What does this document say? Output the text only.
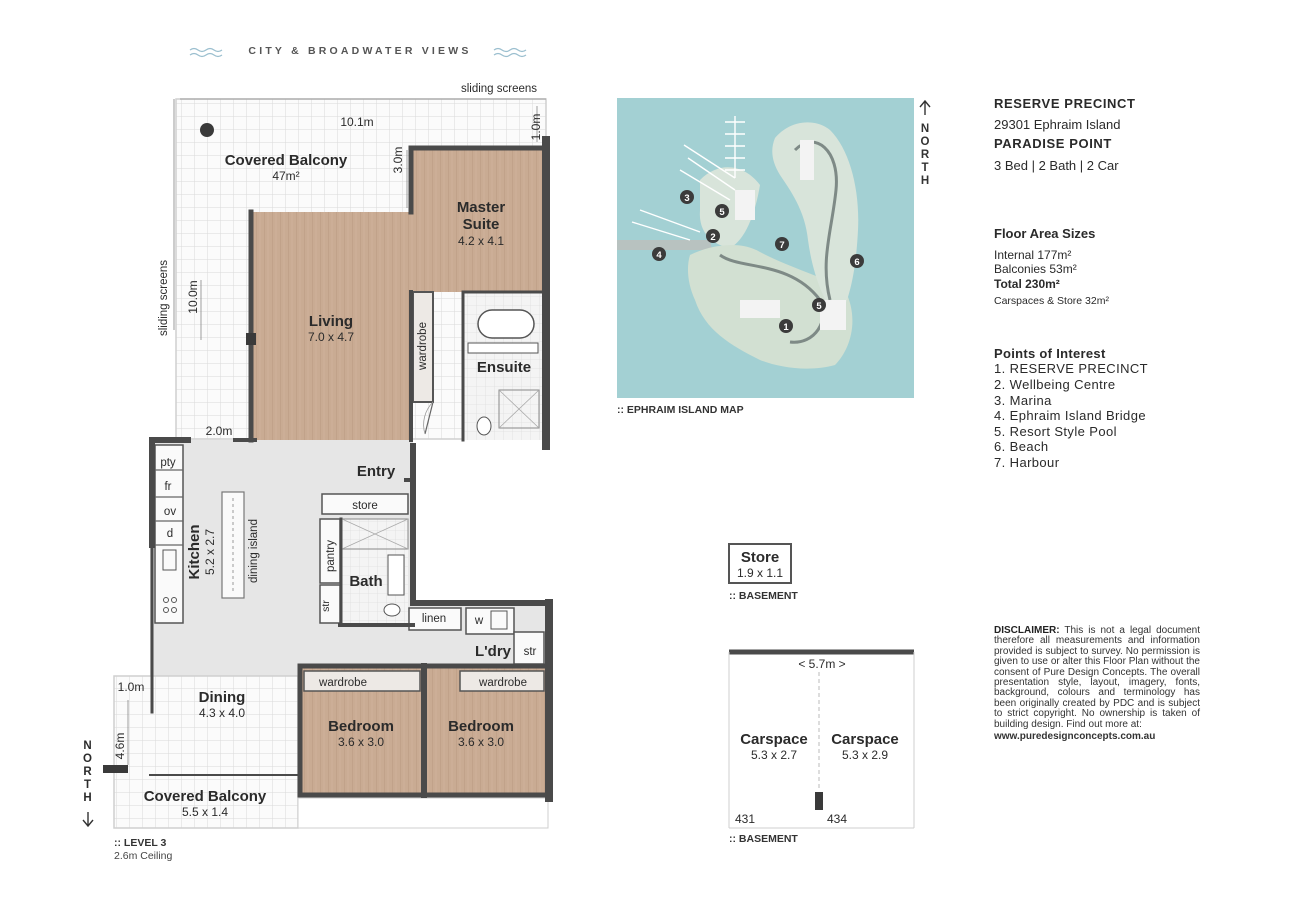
Covered Balcony
47m²
Master
Suite
4.2 x 4.1
Living
7.0 x 4.7	wardrobe	Ensuite
Entry
store
pty
fr
ov
d Kitchen 5.2 x 2.7	dining island	pantry
str
Bath
linen w
L'dry str
Dining
4.3 x 4.0
wardrobe	wardrobe
Bedroom
3.6 x 3.0
Bedroom
3.6 x 3.0
Covered Balcony
5.5 x 1.4
sliding screens
sliding screens
10.1m	1.0m
3.0m
10.0m
2.0m
1.0m
4.6m
N O R T H
1
2
3
4
5
5
6
7
N O R T H
Store
1.9 x 1.1
< 5.7m >
Carspace
5.3 x 2.7
Carspace
5.3 x 2.9
431	434
CITY & BROADWATER VIEWS
:: LEVEL 3
2.6m Ceiling
:: EPHRAIM ISLAND MAP
:: BASEMENT
:: BASEMENT

RESERVE PRECINCT

29301 Ephraim Island

PARADISE POINT

3 Bed | 2 Bath | 2 Car

Floor Area Sizes

Internal 177m²

Balconies 53m²

Total 230m²

Carspaces & Store 32m²

Points of Interest

1. RESERVE PRECINCT

2. Wellbeing Centre

3. Marina

4. Ephraim Island Bridge

5. Resort Style Pool

6. Beach

7. Harbour

DISCLAIMER: This is not a legal document therefore all measurements and information provided is subject to survey. No permission is given to use or alter this Floor Plan without the consent of Pure Design Concepts. The overall presentation style, layout, imagery, fonts, background, colours and terminology has been originally created by PDC and is subject to strict copyright. No ownership is taken of building design. Find out more at:
www.puredesignconcepts.com.au
